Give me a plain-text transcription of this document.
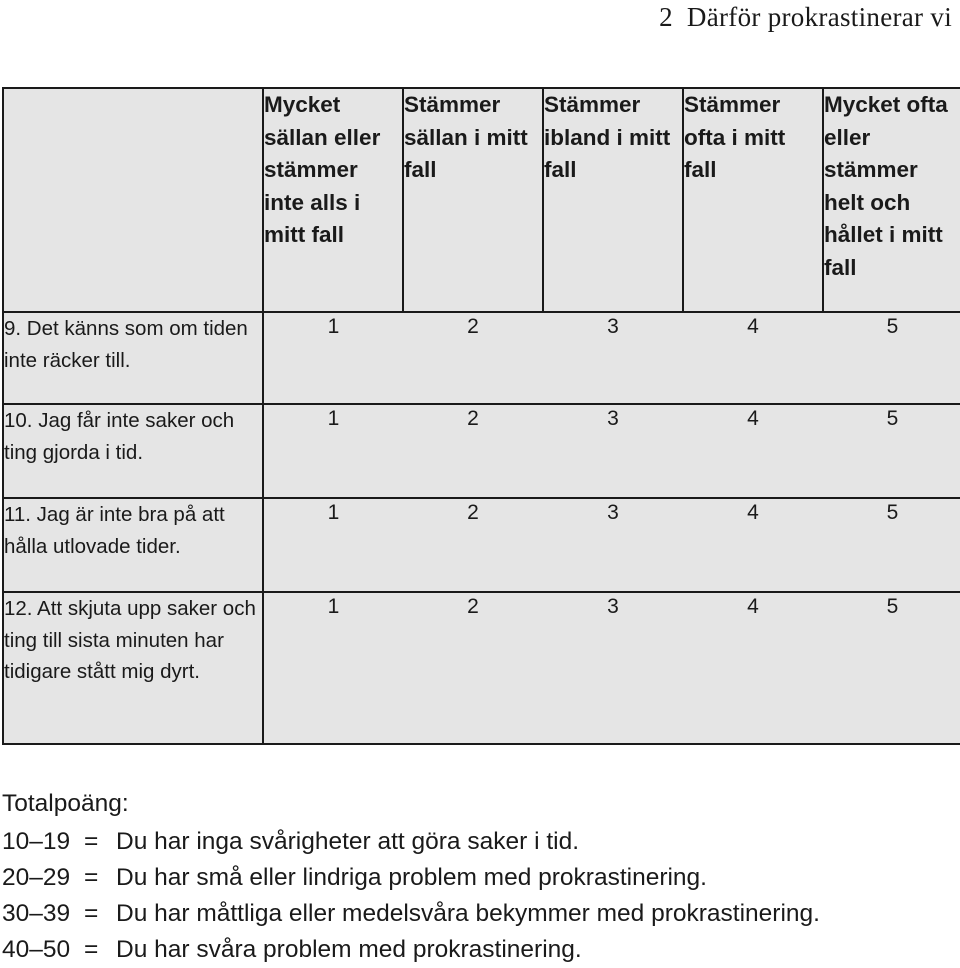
2 Därför prokrastinerar vi
	Mycket sällan eller stämmer inte alls i mitt fall	Stämmer sällan i mitt fall	Stämmer ibland i mitt fall	Stämmer ofta i mitt fall	Mycket ofta eller stämmer helt och hållet i mitt fall
9. Det känns som om tiden inte räcker till.	1	2	3	4	5
10. Jag får inte saker och ting gjorda i tid.	1	2	3	4	5
11. Jag är inte bra på att hålla utlovade tider.	1	2	3	4	5
12. Att skjuta upp saker och ting till sista minuten har tidigare stått mig dyrt.	1	2	3	4	5
Totalpoäng:
10–19 = Du har inga svårigheter att göra saker i tid.
20–29 = Du har små eller lindriga problem med prokrastinering.
30–39 = Du har måttliga eller medelsvåra bekymmer med prokrastinering.
40–50 = Du har svåra problem med prokrastinering.
